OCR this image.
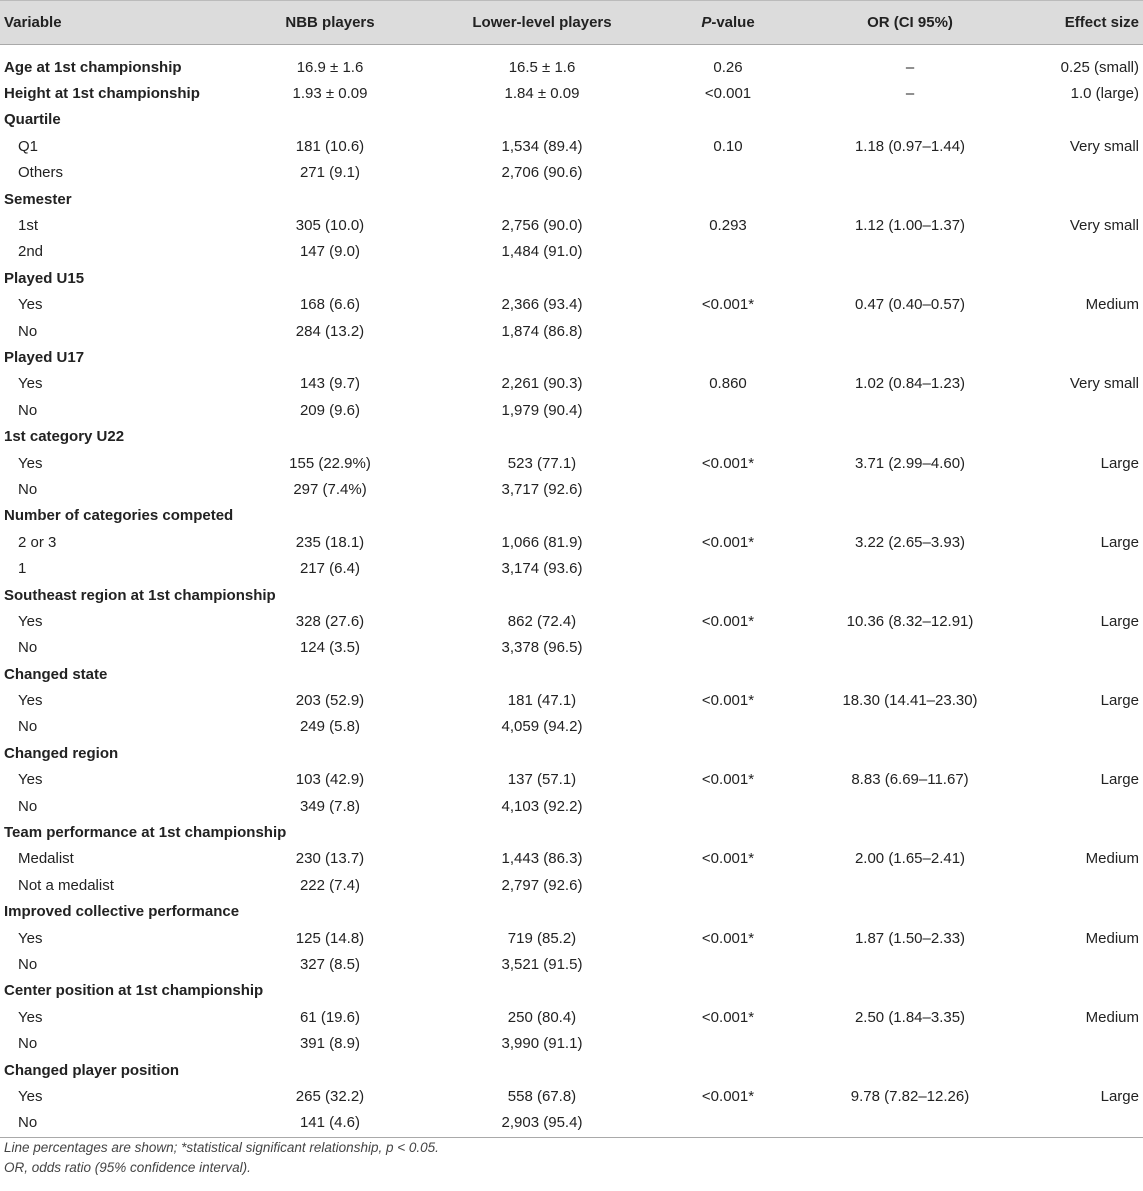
Variable	NBB players	Lower-level players	P -value	OR (CI 95%)	Effect size
Age at 1st championship	16.9 ± 1.6	16.5 ± 1.6	0.26	–	0.25 (small)
Height at 1st championship	1.93 ± 0.09	1.84 ± 0.09	<0.001	–	1.0 (large)
Quartile
Q1	181 (10.6)	1,534 (89.4)	0.10	1.18 (0.97–1.44)	Very small
Others	271 (9.1)	2,706 (90.6)
Semester
1st	305 (10.0)	2,756 (90.0)	0.293	1.12 (1.00–1.37)	Very small
2nd	147 (9.0)	1,484 (91.0)
Played U15
Yes	168 (6.6)	2,366 (93.4)	<0.001*	0.47 (0.40–0.57)	Medium
No	284 (13.2)	1,874 (86.8)
Played U17
Yes	143 (9.7)	2,261 (90.3)	0.860	1.02 (0.84–1.23)	Very small
No	209 (9.6)	1,979 (90.4)
1st category U22
Yes	155 (22.9%)	523 (77.1)	<0.001*	3.71 (2.99–4.60)	Large
No	297 (7.4%)	3,717 (92.6)
Number of categories competed
2 or 3	235 (18.1)	1,066 (81.9)	<0.001*	3.22 (2.65–3.93)	Large
1	217 (6.4)	3,174 (93.6)
Southeast region at 1st championship
Yes	328 (27.6)	862 (72.4)	<0.001*	10.36 (8.32–12.91)	Large
No	124 (3.5)	3,378 (96.5)
Changed state
Yes	203 (52.9)	181 (47.1)	<0.001*	18.30 (14.41–23.30)	Large
No	249 (5.8)	4,059 (94.2)
Changed region
Yes	103 (42.9)	137 (57.1)	<0.001*	8.83 (6.69–11.67)	Large
No	349 (7.8)	4,103 (92.2)
Team performance at 1st championship
Medalist	230 (13.7)	1,443 (86.3)	<0.001*	2.00 (1.65–2.41)	Medium
Not a medalist	222 (7.4)	2,797 (92.6)
Improved collective performance
Yes	125 (14.8)	719 (85.2)	<0.001*	1.87 (1.50–2.33)	Medium
No	327 (8.5)	3,521 (91.5)
Center position at 1st championship
Yes	61 (19.6)	250 (80.4)	<0.001*	2.50 (1.84–3.35)	Medium
No	391 (8.9)	3,990 (91.1)
Changed player position
Yes	265 (32.2)	558 (67.8)	<0.001*	9.78 (7.82–12.26)	Large
No	141 (4.6)	2,903 (95.4)
Line percentages are shown; *statistical significant relationship, p < 0.05.
OR, odds ratio (95% confidence interval).
